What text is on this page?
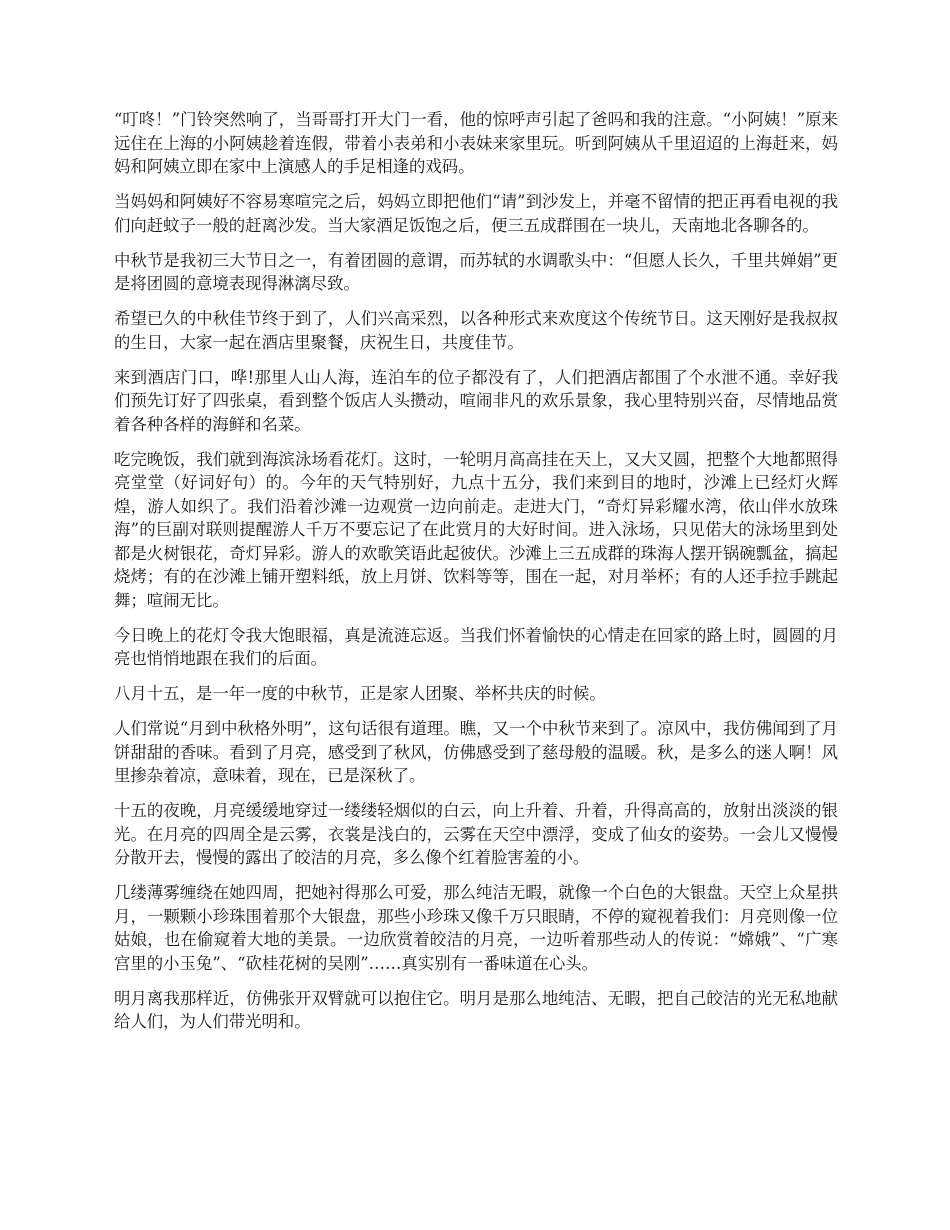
“叮咚！”门铃突然响了，当哥哥打开大门一看，他的惊呼声引起了爸吗和我的注意。“小阿姨！”原来远住在上海的小阿姨趁着连假，带着小表弟和小表妹来家里玩。听到阿姨从千里迢迢的上海赶来，妈妈和阿姨立即在家中上演感人的手足相逢的戏码。

当妈妈和阿姨好不容易寒喧完之后，妈妈立即把他们“请”到沙发上，并毫不留情的把正再看电视的我们向赶蚊子一般的赶离沙发。当大家酒足饭饱之后，便三五成群围在一块儿，天南地北各聊各的。

中秋节是我初三大节日之一，有着团圆的意谓，而苏轼的水调歌头中：“但愿人长久，千里共婵娟”更是将团圆的意境表现得淋漓尽致。

希望已久的中秋佳节终于到了，人们兴高采烈，以各种形式来欢度这个传统节日。这天刚好是我叔叔的生日，大家一起在酒店里聚餐，庆祝生日，共度佳节。

来到酒店门口，哗!那里人山人海，连泊车的位子都没有了，人们把酒店都围了个水泄不通。幸好我们预先订好了四张桌，看到整个饭店人头攒动，喧闹非凡的欢乐景象，我心里特别兴奋，尽情地品赏着各种各样的海鲜和名菜。

吃完晚饭，我们就到海滨泳场看花灯。这时，一轮明月高高挂在天上，又大又圆，把整个大地都照得亮堂堂（好词好句）的。今年的天气特别好，九点十五分，我们来到目的地时，沙滩上已经灯火辉煌，游人如织了。我们沿着沙滩一边观赏一边向前走。走进大门，“奇灯异彩耀水湾，依山伴水放珠海”的巨副对联则提醒游人千万不要忘记了在此赏月的大好时间。进入泳场，只见偌大的泳场里到处都是火树银花，奇灯异彩。游人的欢歌笑语此起彼伏。沙滩上三五成群的珠海人摆开锅碗瓢盆，搞起烧烤；有的在沙滩上铺开塑料纸，放上月饼、饮料等等，围在一起，对月举杯；有的人还手拉手跳起舞；喧闹无比。

今日晚上的花灯令我大饱眼福，真是流涟忘返。当我们怀着愉快的心情走在回家的路上时，圆圆的月亮也悄悄地跟在我们的后面。

八月十五，是一年一度的中秋节，正是家人团聚、举杯共庆的时候。

人们常说“月到中秋格外明”，这句话很有道理。瞧，又一个中秋节来到了。凉风中，我仿佛闻到了月饼甜甜的香味。看到了月亮，感受到了秋风，仿佛感受到了慈母般的温暖。秋，是多么的迷人啊！风里掺杂着凉，意味着，现在，已是深秋了。

十五的夜晚，月亮缓缓地穿过一缕缕轻烟似的白云，向上升着、升着，升得高高的，放射出淡淡的银光。在月亮的四周全是云雾，衣裳是浅白的，云雾在天空中漂浮，变成了仙女的姿势。一会儿又慢慢分散开去，慢慢的露出了皎洁的月亮，多么像个红着脸害羞的小。

几缕薄雾缠绕在她四周，把她衬得那么可爱，那么纯洁无暇，就像一个白色的大银盘。天空上众星拱月，一颗颗小珍珠围着那个大银盘，那些小珍珠又像千万只眼睛，不停的窥视着我们：月亮则像一位姑娘，也在偷窥着大地的美景。一边欣赏着皎洁的月亮，一边听着那些动人的传说：“嫦娥”、“广寒宫里的小玉兔”、“砍桂花树的吴刚”……真实别有一番味道在心头。

明月离我那样近，仿佛张开双臂就可以抱住它。明月是那么地纯洁、无暇，把自己皎洁的光无私地献给人们，为人们带光明和。
